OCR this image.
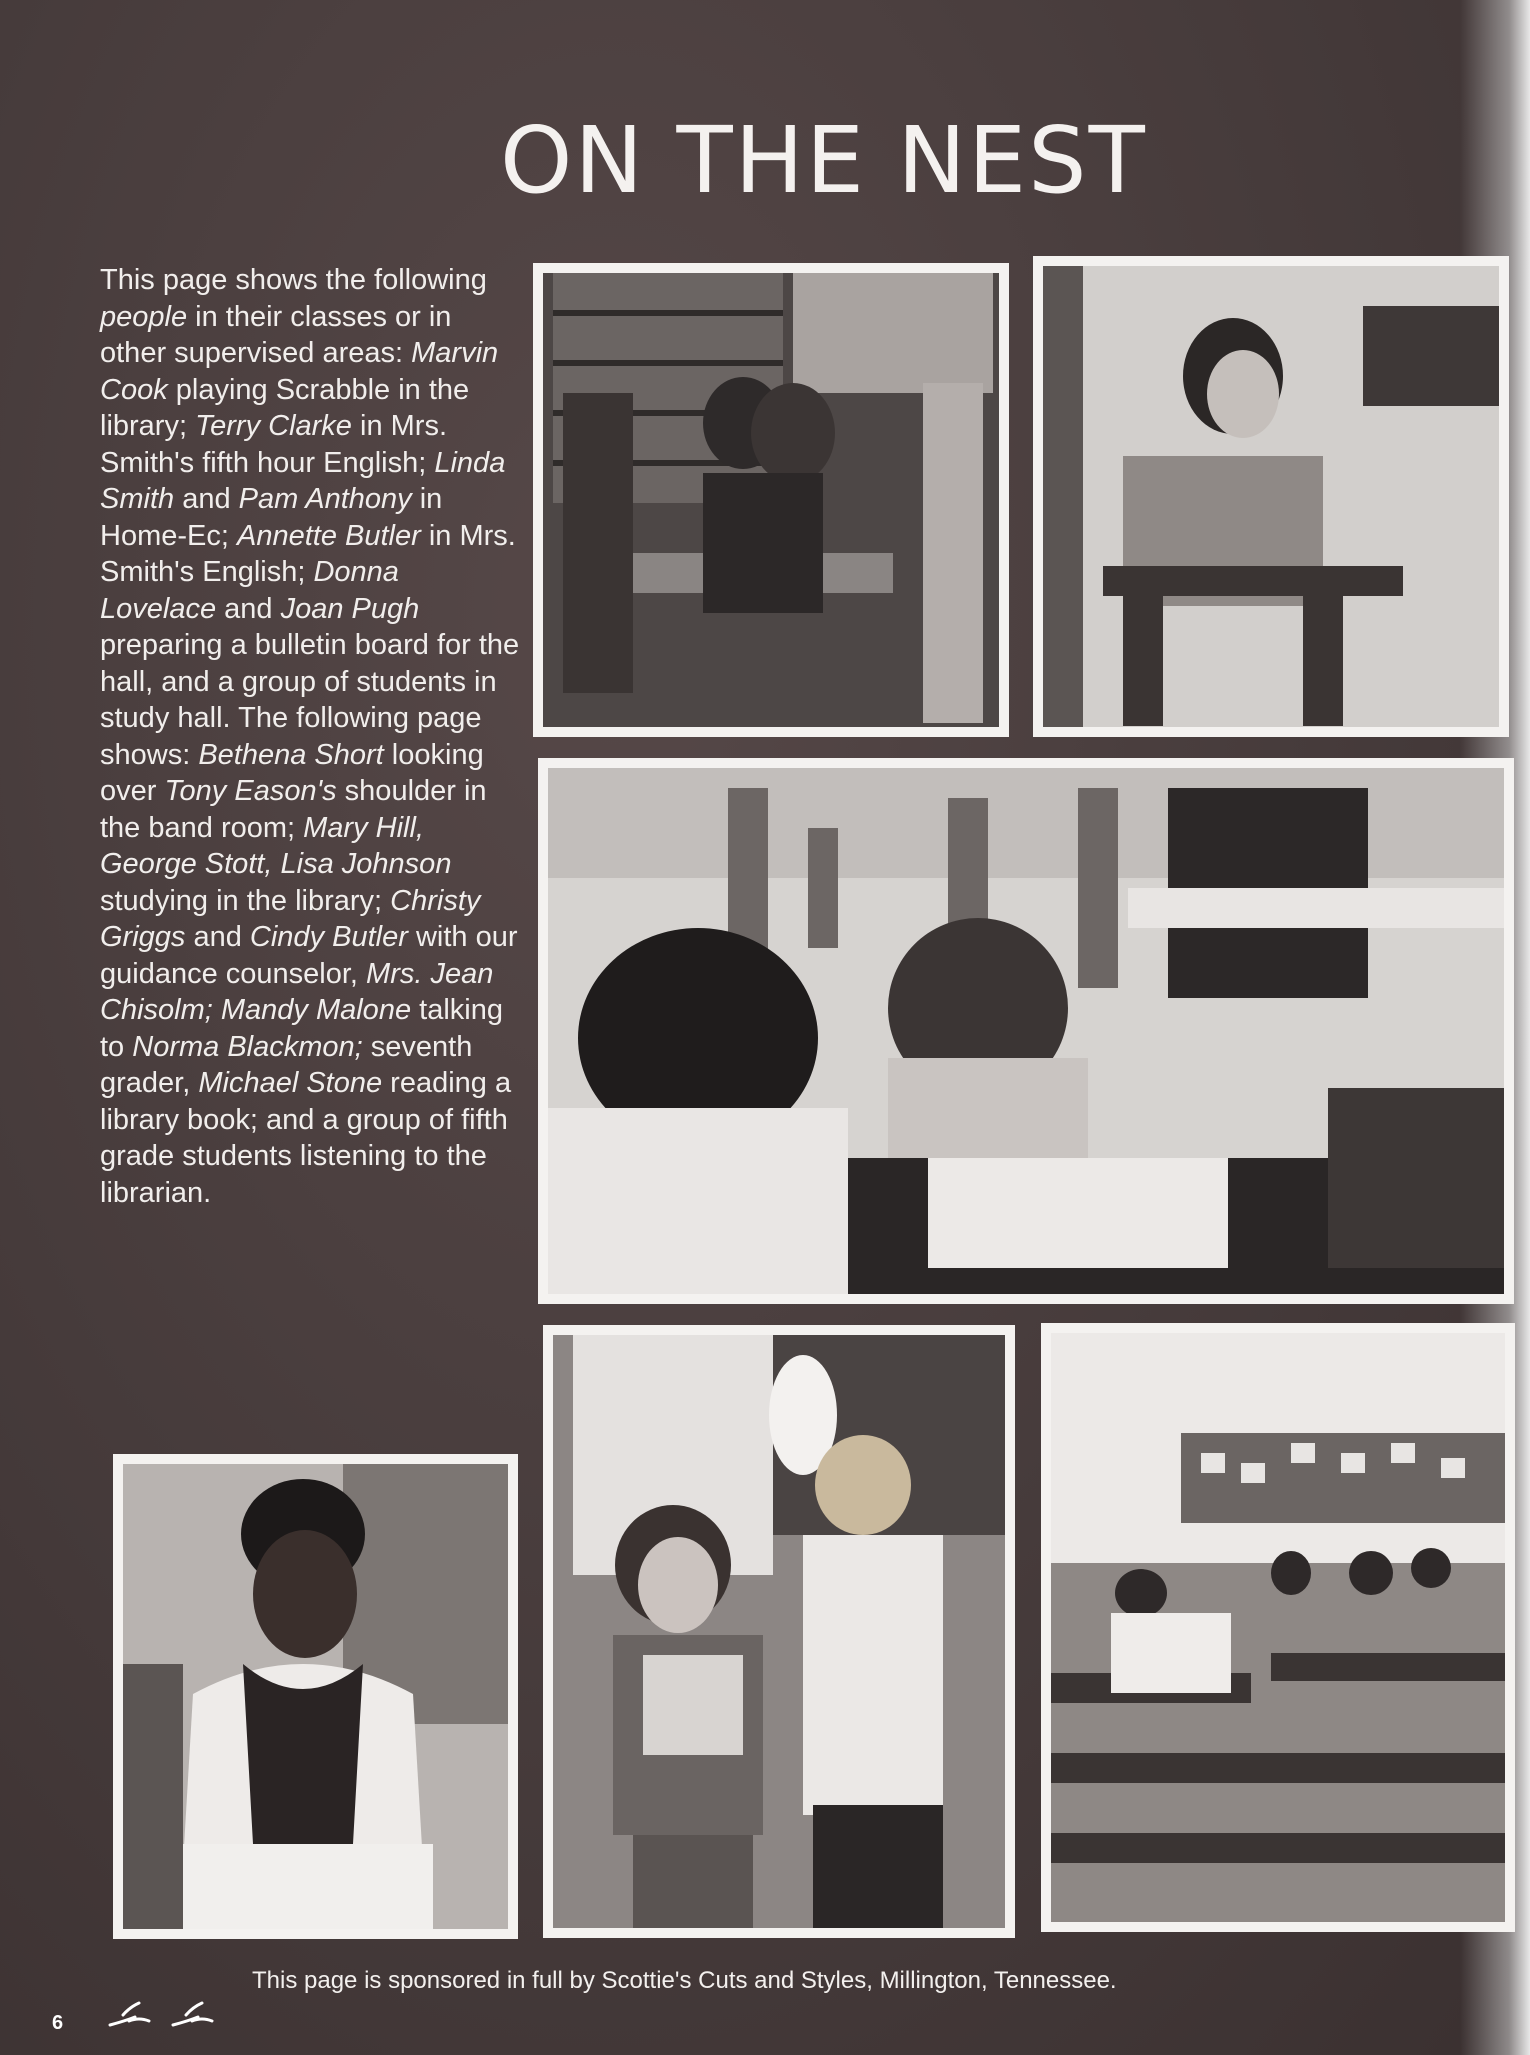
ON THE NEST
This page shows the following people in their classes or in other supervised areas: Marvin Cook playing Scrabble in the library; Terry Clarke in Mrs. Smith's fifth hour English; Linda Smith and Pam Anthony in Home-Ec; Annette Butler in Mrs. Smith's English; Donna Lovelace and Joan Pugh preparing a bulletin board for the hall, and a group of students in study hall. The following page shows: Bethena Short looking over Tony Eason's shoulder in the band room; Mary Hill, George Stott, Lisa Johnson studying in the library; Christy Griggs and Cindy Butler with our guidance counselor, Mrs. Jean Chisolm; Mandy Malone talking to Norma Blackmon; seventh grader, Michael Stone reading a library book; and a group of fifth grade students listening to the librarian.
This page is sponsored in full by Scottie's Cuts and Styles, Millington, Tennessee.
6
